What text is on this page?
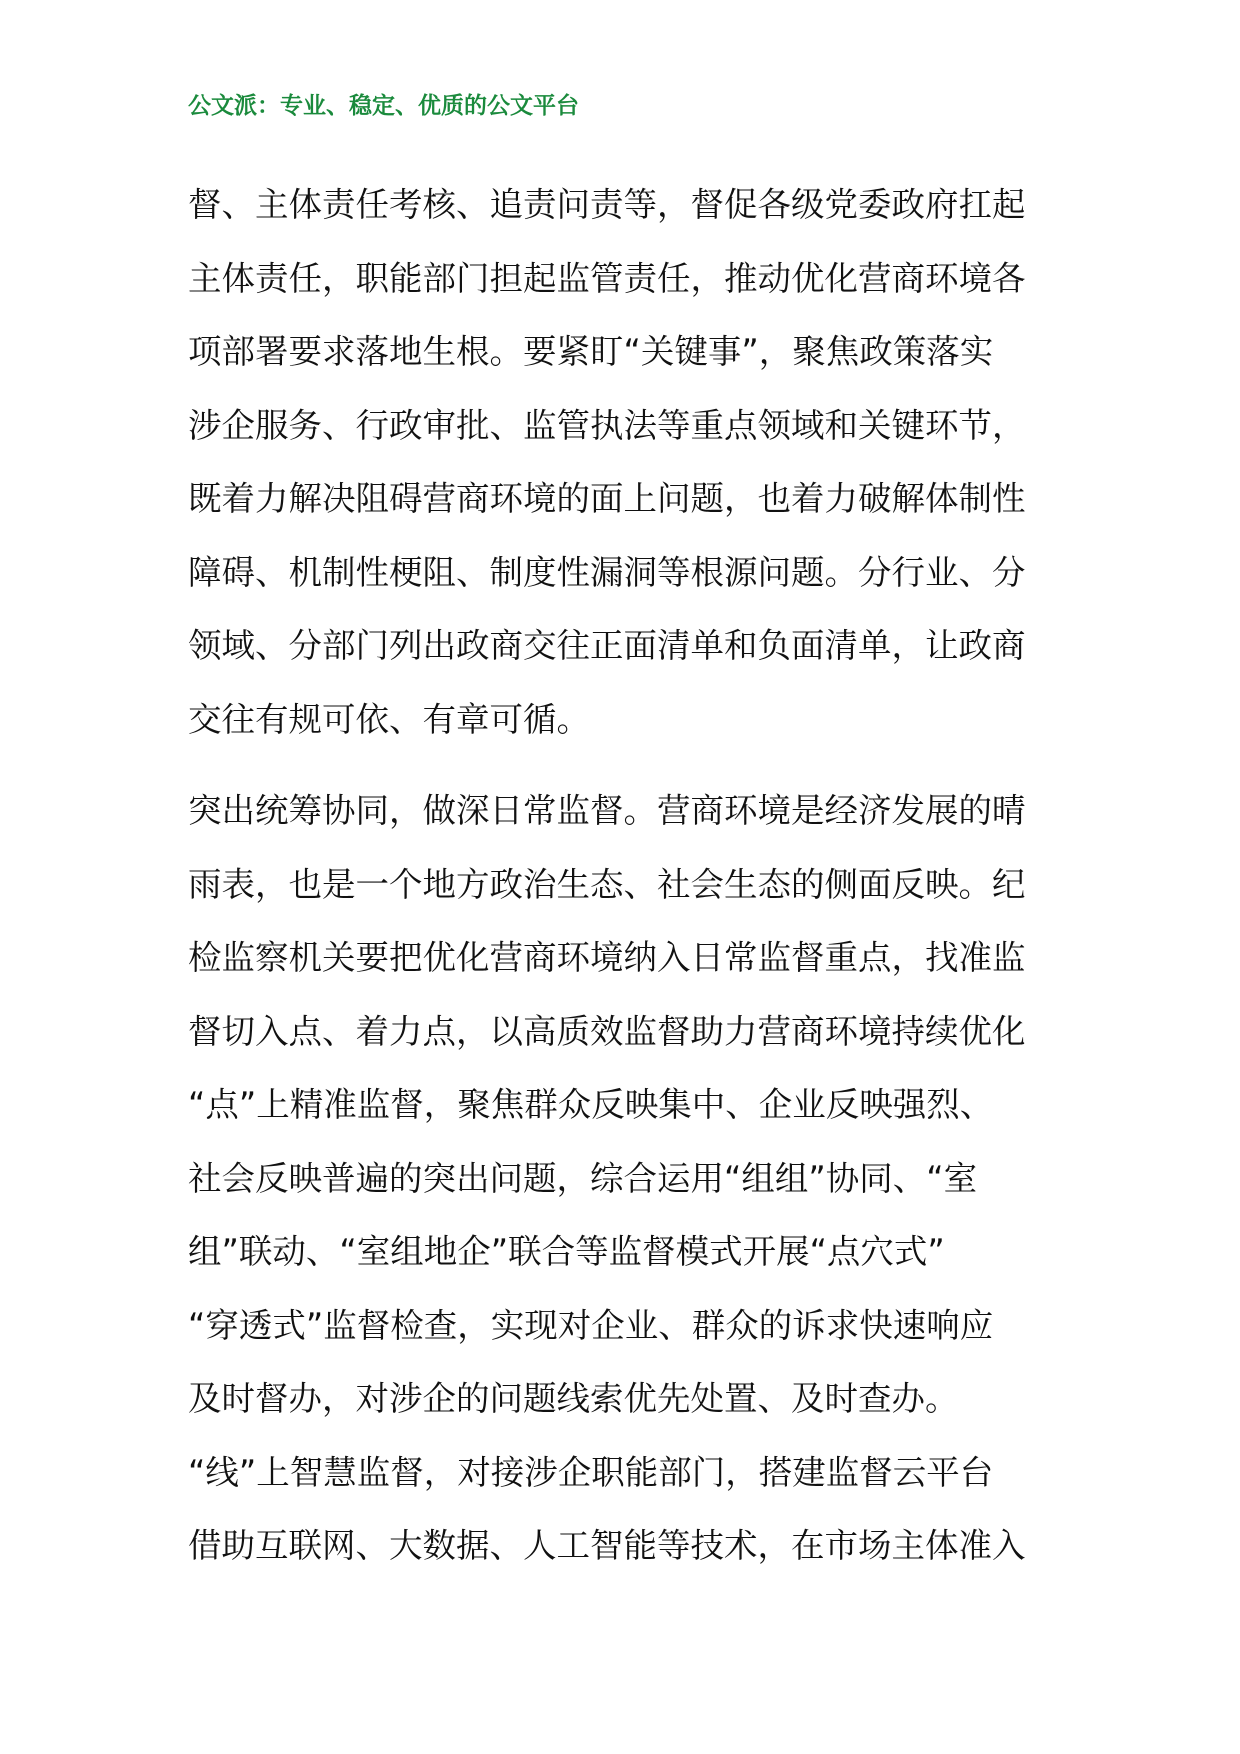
公文派：专业、稳定、优质的公文平台
督、主体责任考核、追责问责等，督促各级党委政府扛起
主体责任，职能部门担起监管责任，推动优化营商环境各
项部署要求落地生根。要紧盯“关键事”，聚焦政策落实
涉企服务、行政审批、监管执法等重点领域和关键环节，
既着力解决阻碍营商环境的面上问题，也着力破解体制性
障碍、机制性梗阻、制度性漏洞等根源问题。分行业、分
领域、分部门列出政商交往正面清单和负面清单，让政商
交往有规可依、有章可循。
突出统筹协同，做深日常监督。营商环境是经济发展的晴
雨表，也是一个地方政治生态、社会生态的侧面反映。纪
检监察机关要把优化营商环境纳入日常监督重点，找准监
督切入点、着力点，以高质效监督助力营商环境持续优化
“点”上精准监督，聚焦群众反映集中、企业反映强烈、
社会反映普遍的突出问题，综合运用“组组”协同、“室
组”联动、“室组地企”联合等监督模式开展“点穴式”
“穿透式”监督检查，实现对企业、群众的诉求快速响应
及时督办，对涉企的问题线索优先处置、及时查办。
“线”上智慧监督，对接涉企职能部门，搭建监督云平台
借助互联网、大数据、人工智能等技术，在市场主体准入
